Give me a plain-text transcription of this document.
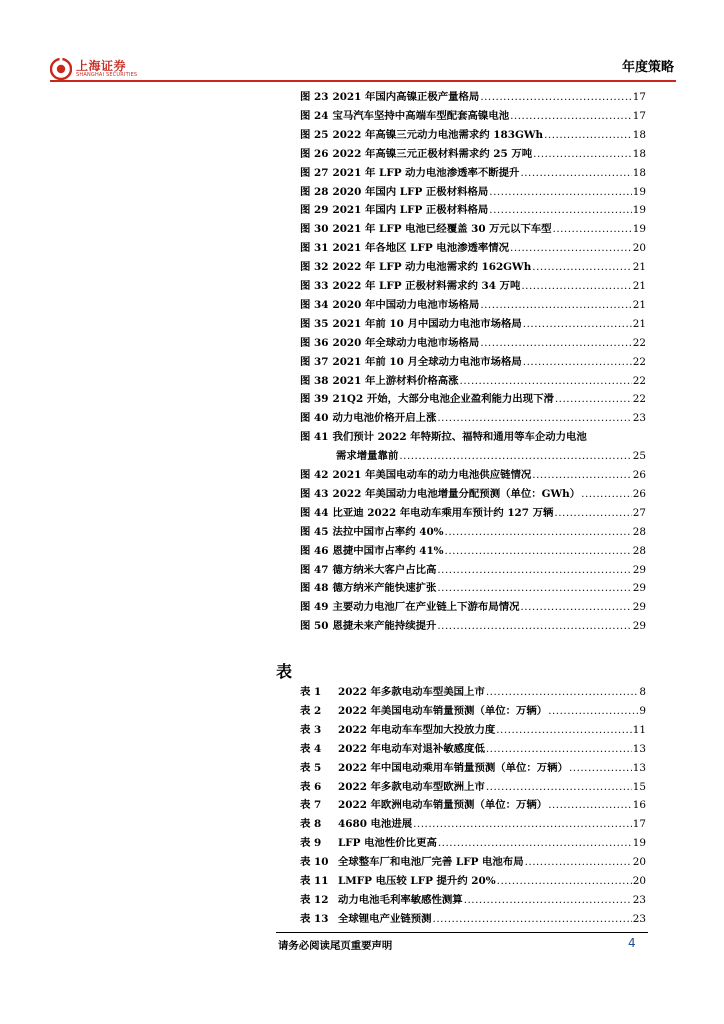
上海证券
SHANGHAI SECURITIES	年度策略
图 23 2021 年国内高镍正极产量格局 .....	17
图 24 宝马汽车坚持中高端车型配套高镍电池 .....	17
图 25 2022 年高镍三元动力电池需求约 183GWh .....	18
图 26 2022 年高镍三元正极材料需求约 25 万吨 .....	18
图 27 2021 年 LFP 动力电池渗透率不断提升 .....	18
图 28 2020 年国内 LFP 正极材料格局 .....	19
图 29 2021 年国内 LFP 正极材料格局 .....	19
图 30 2021 年 LFP 电池已经覆盖 30 万元以下车型 .....	19
图 31 2021 年各地区 LFP 电池渗透率情况 .....	20
图 32 2022 年 LFP 动力电池需求约 162GWh .....	21
图 33 2022 年 LFP 正极材料需求约 34 万吨 .....	21
图 34 2020 年中国动力电池市场格局 .....	21
图 35 2021 年前 10 月中国动力电池市场格局 .....	21
图 36 2020 年全球动力电池市场格局 .....	22
图 37 2021 年前 10 月全球动力电池市场格局 .....	22
图 38 2021 年上游材料价格高涨 .....	22
图 39 21Q2 开始，大部分电池企业盈利能力出现下滑 .....	22
图 40 动力电池价格开启上涨 .....	23
图 41 我们预计 2022 年特斯拉、福特和通用等车企动力电池
需求增量靠前 .....	25
图 42 2021 年美国电动车的动力电池供应链情况 .....	26
图 43 2022 年美国动力电池增量分配预测（单位：GWh） .....	26
图 44 比亚迪 2022 年电动车乘用车预计约 127 万辆 .....	27
图 45 法拉中国市占率约 40% .....	28
图 46 恩捷中国市占率约 41% .....	28
图 47 德方纳米大客户占比高 .....	29
图 48 德方纳米产能快速扩张 .....	29
图 49 主要动力电池厂在产业链上下游布局情况 .....	29
图 50 恩捷未来产能持续提升 .....	29
表
表 1	2022 年多款电动车型美国上市 .....	8
表 2	2022 年美国电动车销量预测（单位：万辆） .....	9
表 3	2022 年电动车车型加大投放力度 .....	11
表 4	2022 年电动车对退补敏感度低 .....	13
表 5	2022 年中国电动乘用车销量预测（单位：万辆） .....	13
表 6	2022 年多款电动车型欧洲上市 .....	15
表 7	2022 年欧洲电动车销量预测（单位：万辆） .....	16
表 8	4680 电池进展 .....	17
表 9	LFP 电池性价比更高 .....	19
表 10 全球整车厂和电池厂完善 LFP 电池布局 .....	20
表 11 LMFP 电压较 LFP 提升约 20% .....	20
表 12 动力电池毛利率敏感性测算 .....	23
表 13 全球锂电产业链预测 .....	23
请务必阅读尾页重要声明	4
